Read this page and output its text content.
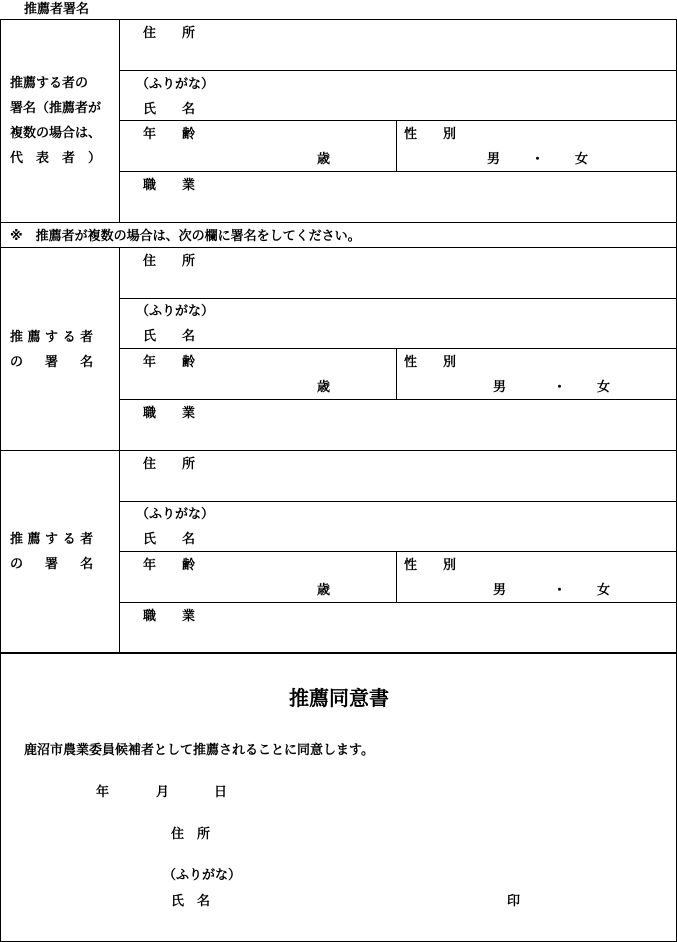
推薦者署名
推薦する者の
署名（推薦者が
複数の場合は、
代　表　者　）
住　　所
（ふりがな）
氏　　名
年　　齢
歳
性　　別
男 ・ 女
職　　業
※　推薦者が複数の場合は、次の欄に署名をしてください。
推 薦 す る 者
の 　 署 　 名
住　　所
（ふりがな）
氏　　名
年　　齢
歳
性　　別
男	・ 女
職　　業
推 薦 す る 者
の 　 署 　 名
住　　所
（ふりがな）
氏　　名
年　　齢
歳
性　　別
男	・ 女
職　　業
推薦同意書
鹿沼市農業委員候補者として推薦されることに同意します。
年	月	日
住　所
（ふりがな）
氏　名	印
